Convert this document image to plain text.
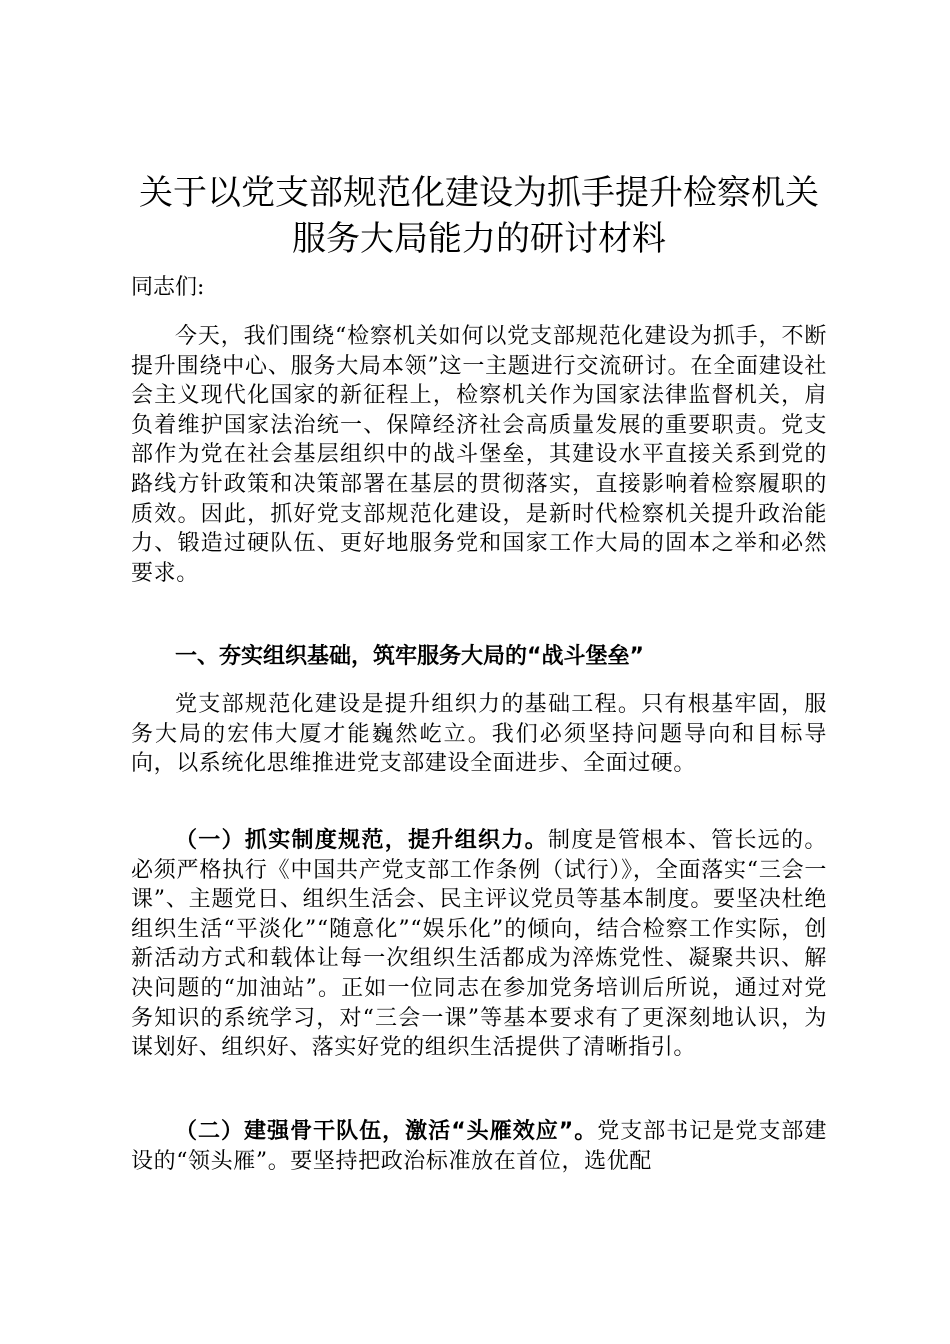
关于以党支部规范化建设为抓手提升检察机关
服务大局能力的研讨材料

同志们:

今天，我们围绕“检察机关如何以党支部规范化建设为抓手，不断提升围绕中心、服务大局本领”这一主题进行交流研讨。在全面建设社会主义现代化国家的新征程上，检察机关作为国家法律监督机关，肩负着维护国家法治统一、保障经济社会高质量发展的重要职责。党支部作为党在社会基层组织中的战斗堡垒，其建设水平直接关系到党的路线方针政策和决策部署在基层的贯彻落实，直接影响着检察履职的质效。因此，抓好党支部规范化建设，是新时代检察机关提升政治能力、锻造过硬队伍、更好地服务党和国家工作大局的固本之举和必然要求。

一、夯实组织基础，筑牢服务大局的“战斗堡垒”

党支部规范化建设是提升组织力的基础工程。只有根基牢固，服务大局的宏伟大厦才能巍然屹立。我们必须坚持问题导向和目标导向，以系统化思维推进党支部建设全面进步、全面过硬。

（一）抓实制度规范，提升组织力。制度是管根本、管长远的。必须严格执行《中国共产党支部工作条例（试行）》，全面落实“三会一课”、主题党日、组织生活会、民主评议党员等基本制度。要坚决杜绝组织生活“平淡化”“随意化”“娱乐化”的倾向，结合检察工作实际，创新活动方式和载体让每一次组织生活都成为淬炼党性、凝聚共识、解决问题的“加油站”。正如一位同志在参加党务培训后所说，通过对党务知识的系统学习，对“三会一课”等基本要求有了更深刻地认识，为谋划好、组织好、落实好党的组织生活提供了清晰指引。

（二）建强骨干队伍，激活“头雁效应”。党支部书记是党支部建设的“领头雁”。要坚持把政治标准放在首位，选优配
